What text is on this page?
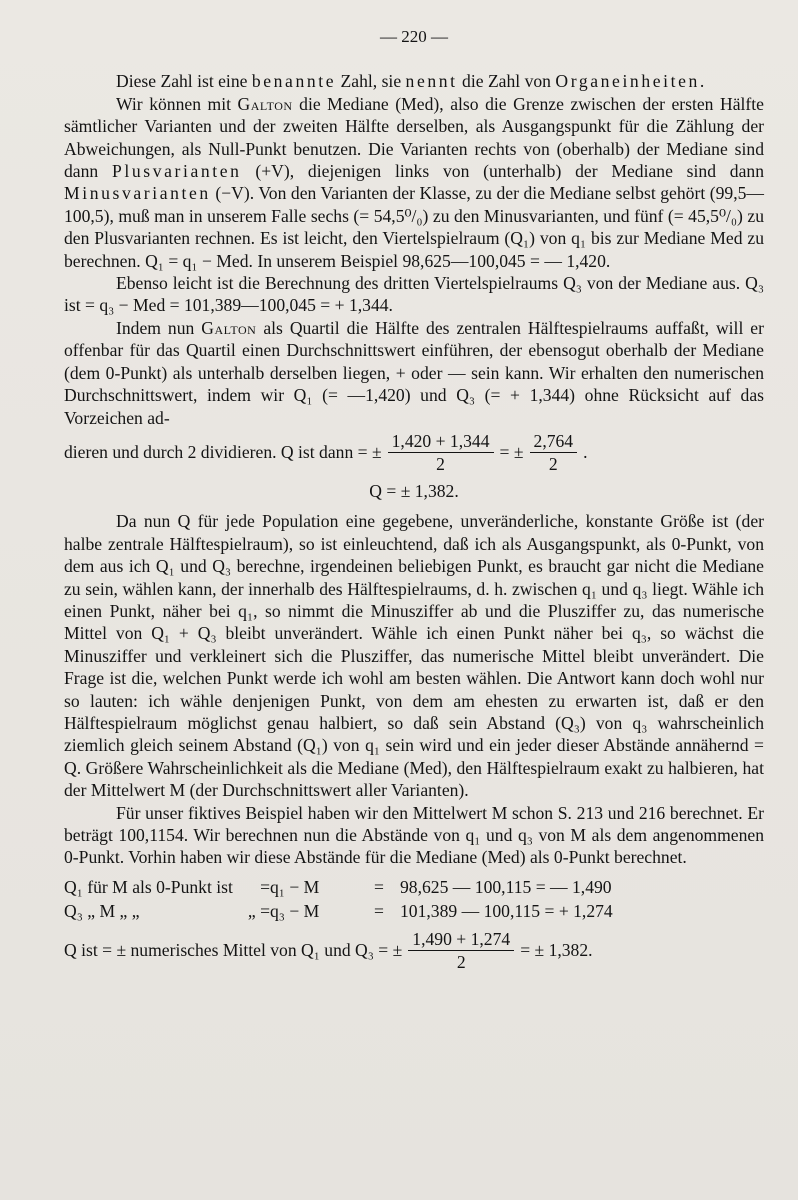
— 220 —

Diese Zahl ist eine benannte Zahl, sie nennt die Zahl von Organeinheiten.

Wir können mit Galton die Mediane (Med), also die Grenze zwischen der ersten Hälfte sämtlicher Varianten und der zweiten Hälfte derselben, als Ausgangspunkt für die Zählung der Abweichungen, als Null-Punkt benutzen. Die Varianten rechts von (oberhalb) der Mediane sind dann Plusvarianten (+V), diejenigen links von (unterhalb) der Mediane sind dann Minusvarianten (−V). Von den Varianten der Klasse, zu der die Mediane selbst gehört (99,5—100,5), muß man in unserem Falle sechs (= 54,5⁰/₀) zu den Minusvarianten, und fünf (= 45,5⁰/₀) zu den Plusvarianten rechnen. Es ist leicht, den Viertelspielraum (Q₁) von q₁ bis zur Mediane Med zu berechnen. Q₁ = q₁ − Med. In unserem Beispiel 98,625—100,045 = — 1,420.

Ebenso leicht ist die Berechnung des dritten Viertelspielraums Q₃ von der Mediane aus. Q₃ ist = q₃ − Med = 101,389—100,045 = + 1,344.

Indem nun Galton als Quartil die Hälfte des zentralen Hälftespielraums auffaßt, will er offenbar für das Quartil einen Durchschnittswert einführen, der ebensogut oberhalb der Mediane (dem 0-Punkt) als unterhalb derselben liegen, + oder — sein kann. Wir erhalten den numerischen Durchschnittswert, indem wir Q₁ (= —1,420) und Q₃ (= + 1,344) ohne Rücksicht auf das Vorzeichen ad-

dieren und durch 2 dividieren. Q ist dann = ± $\frac{1,420 + 1,344}{2}$ = ± $\frac{2,764}{2}$ .
Q = ± 1,382.

Da nun Q für jede Population eine gegebene, unveränderliche, konstante Größe ist (der halbe zentrale Hälftespielraum), so ist einleuchtend, daß ich als Ausgangspunkt, als 0-Punkt, von dem aus ich Q₁ und Q₃ berechne, irgendeinen beliebigen Punkt, es braucht gar nicht die Mediane zu sein, wählen kann, der innerhalb des Hälftespielraums, d. h. zwischen q₁ und q₃ liegt. Wähle ich einen Punkt, näher bei q₁, so nimmt die Minusziffer ab und die Plusziffer zu, das numerische Mittel von Q₁ + Q₃ bleibt unverändert. Wähle ich einen Punkt näher bei q₃, so wächst die Minusziffer und verkleinert sich die Plusziffer, das numerische Mittel bleibt unverändert. Die Frage ist die, welchen Punkt werde ich wohl am besten wählen. Die Antwort kann doch wohl nur so lauten: ich wähle denjenigen Punkt, von dem am ehesten zu erwarten ist, daß er den Hälftespielraum möglichst genau halbiert, so daß sein Abstand (Q₃) von q₃ wahrscheinlich ziemlich gleich seinem Abstand (Q₁) von q₁ sein wird und ein jeder dieser Abstände annähernd = Q. Größere Wahrscheinlichkeit als die Mediane (Med), den Hälftespielraum exakt zu halbieren, hat der Mittelwert M (der Durchschnittswert aller Varianten).

Für unser fiktives Beispiel haben wir den Mittelwert M schon S. 213 und 216 berechnet. Er beträgt 100,1154. Wir berechnen nun die Abstände von q₁ und q₃ von M als dem angenommenen 0-Punkt. Vorhin haben wir diese Abstände für die Mediane (Med) als 0-Punkt berechnet.

Q₁ für M als 0-Punkt ist	= q₁ − M	= 98,625 — 100,115 = — 1,490
Q₃ „ M „ „	„ = q₃ − M	= 101,389 — 100,115 = + 1,274
Q ist = ± numerisches Mittel von Q₁ und Q₃ = ± $\frac{1,490 + 1,274}{2}$ = ± 1,382.
